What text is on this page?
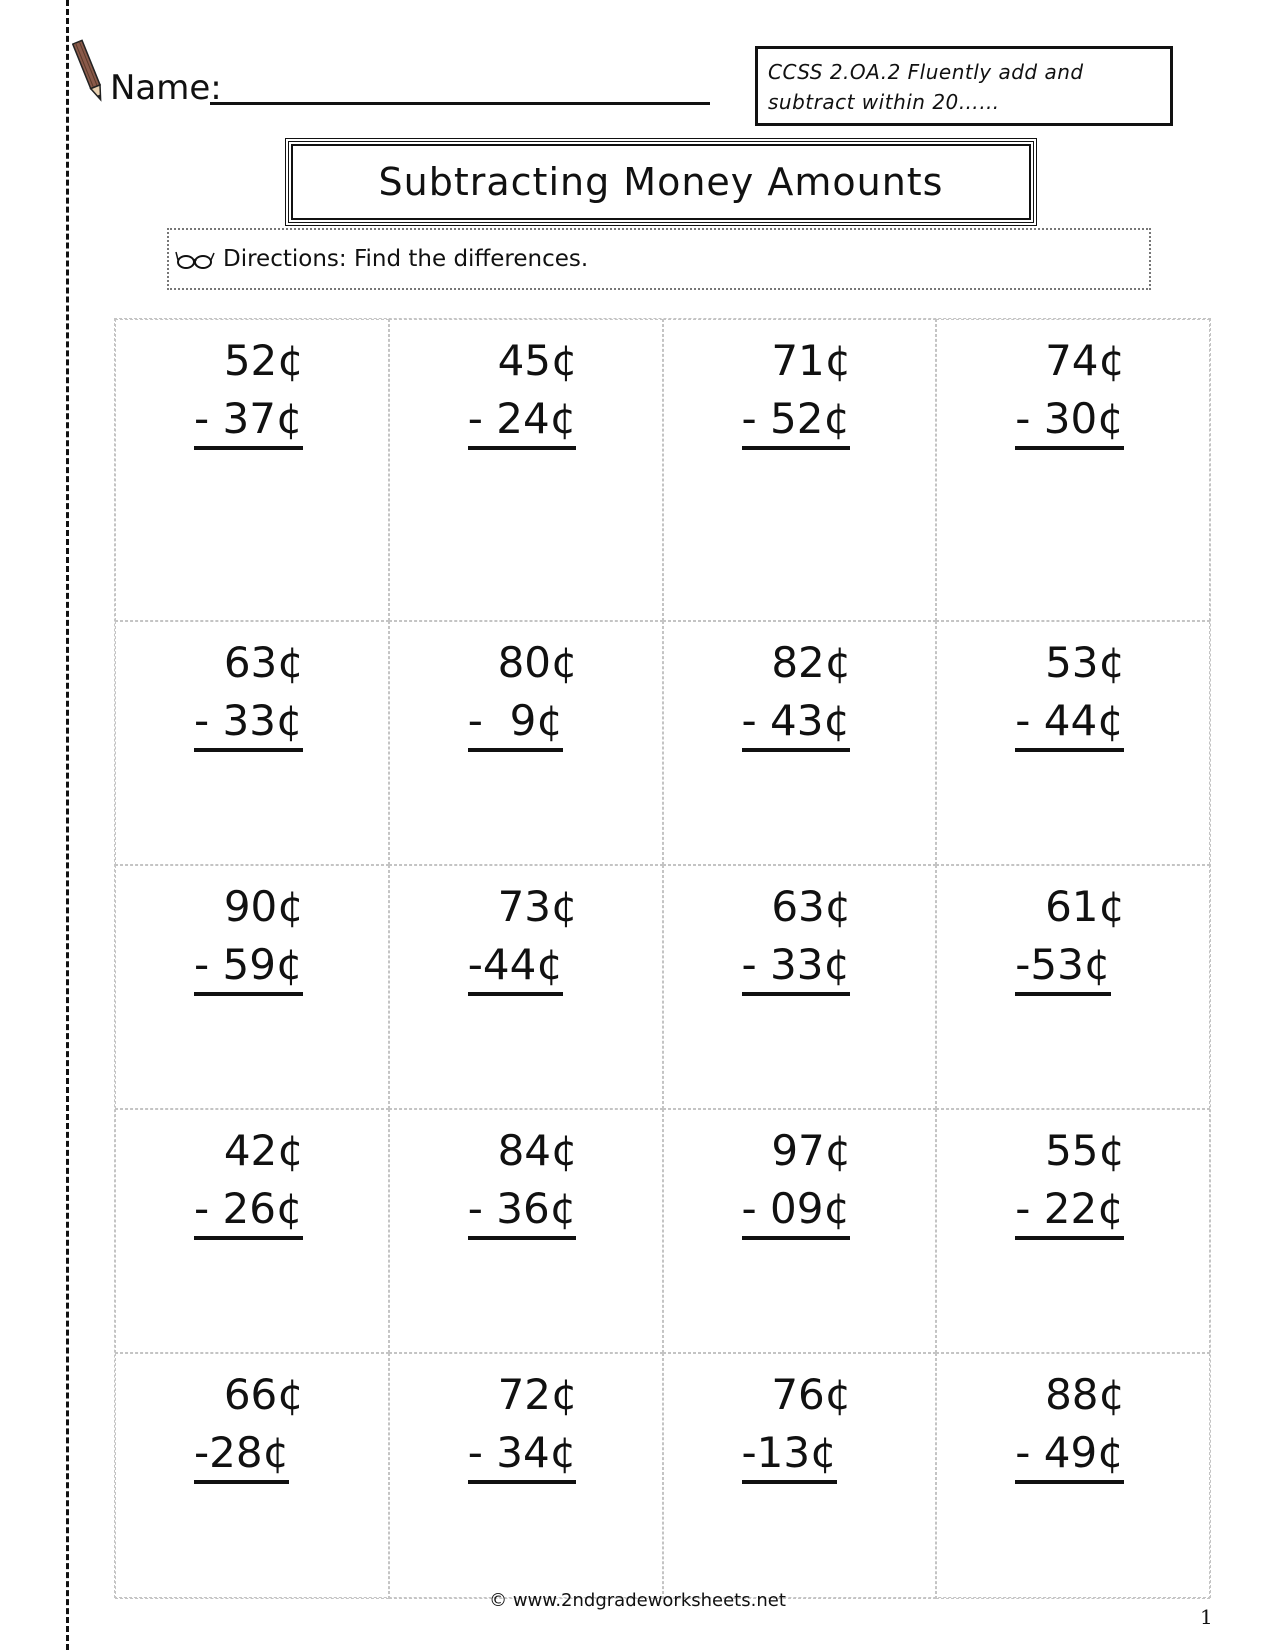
Name:	CCSS 2.OA.2 Fluently add and subtract within 20……
Subtracting Money Amounts
Directions: Find the differences.
52¢
- 37¢
45¢
- 24¢
71¢
- 52¢
74¢
- 30¢
63¢
- 33¢
80¢
-  9¢
82¢
- 43¢
53¢
- 44¢
90¢
- 59¢
73¢
-44¢
63¢
- 33¢
61¢
-53¢
42¢
- 26¢
84¢
- 36¢
97¢
- 09¢
55¢
- 22¢
66¢
-28¢
72¢
- 34¢
76¢
-13¢
88¢
- 49¢
© www.2ndgradeworksheets.net
1
